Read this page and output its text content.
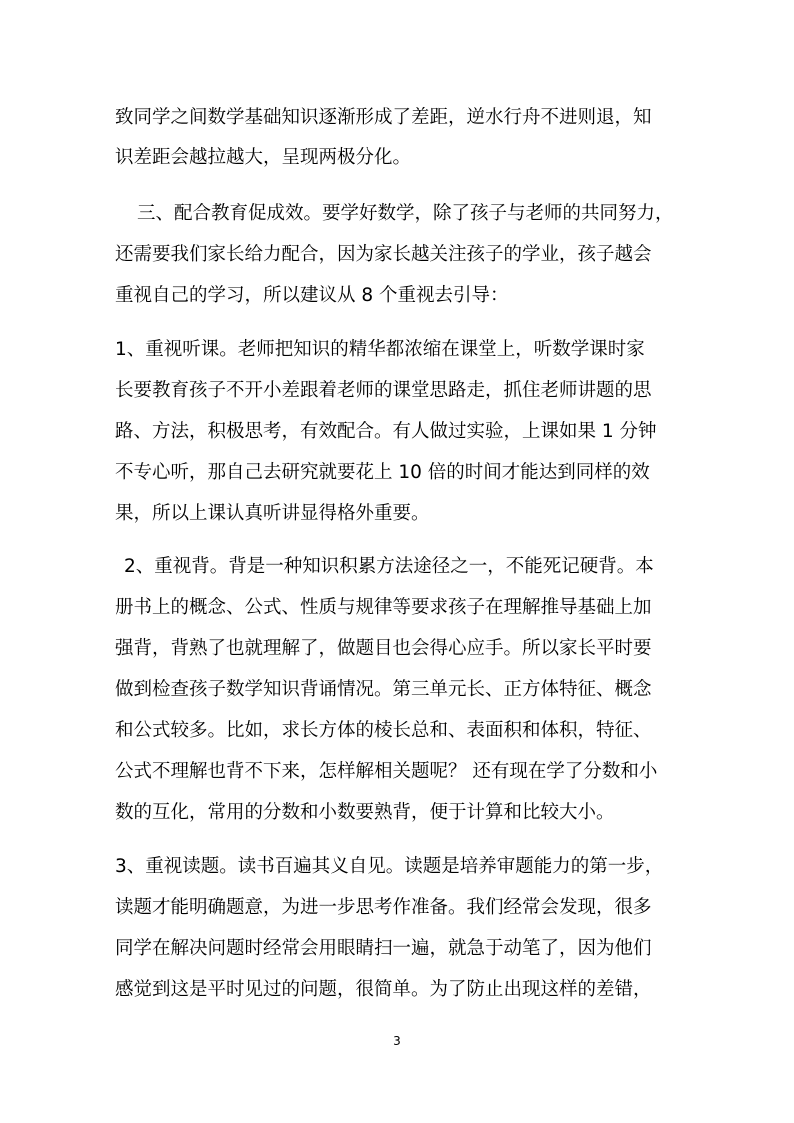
致同学之间数学基础知识逐渐形成了差距，逆水行舟不进则退，知
识差距会越拉越大，呈现两极分化。
三、配合教育促成效。要学好数学，除了孩子与老师的共同努力，
还需要我们家长给力配合，因为家长越关注孩子的学业，孩子越会
重视自己的学习，所以建议从 8 个重视去引导：
1、重视听课。老师把知识的精华都浓缩在课堂上，听数学课时家
长要教育孩子不开小差跟着老师的课堂思路走，抓住老师讲题的思
路、方法，积极思考，有效配合。有人做过实验，上课如果 1 分钟
不专心听，那自己去研究就要花上 10 倍的时间才能达到同样的效
果，所以上课认真听讲显得格外重要。
2、重视背。背是一种知识积累方法途径之一，不能死记硬背。本
册书上的概念、公式、性质与规律等要求孩子在理解推导基础上加
强背，背熟了也就理解了，做题目也会得心应手。所以家长平时要
做到检查孩子数学知识背诵情况。第三单元长、正方体特征、概念
和公式较多。比如，求长方体的棱长总和、表面积和体积，特征、
公式不理解也背不下来，怎样解相关题呢？ 还有现在学了分数和小
数的互化，常用的分数和小数要熟背，便于计算和比较大小。
3、重视读题。读书百遍其义自见。读题是培养审题能力的第一步，
读题才能明确题意，为进一步思考作准备。我们经常会发现，很多
同学在解决问题时经常会用眼睛扫一遍，就急于动笔了，因为他们
感觉到这是平时见过的问题，很简单。为了防止出现这样的差错，
3
